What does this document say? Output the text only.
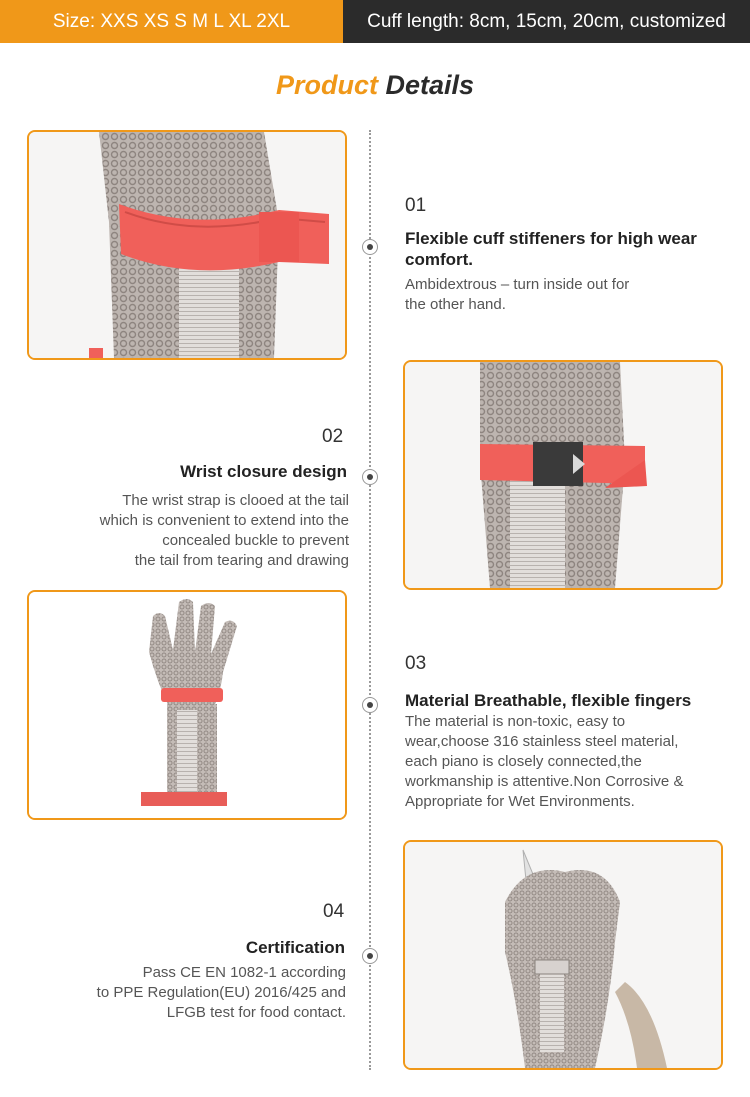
Size: XXS XS S M L XL 2XL	Cuff length: 8cm, 15cm, 20cm, customized
Product Details
01
Flexible cuff stiffeners for high wear comfort.
Ambidextrous – turn inside out for
the other hand.
02
Wrist closure design
The wrist strap is clooed at the tail
which is convenient to extend into the
concealed buckle to prevent
the tail from tearing and drawing
03
Material Breathable, flexible fingers
The material is non-toxic, easy to
wear,choose 316 stainless steel material,
each piano is closely connected,the
workmanship is attentive.Non Corrosive &
Appropriate for Wet Environments.
04
Certification
Pass CE EN 1082-1 according
to PPE Regulation(EU) 2016/425 and
LFGB test for food contact.
